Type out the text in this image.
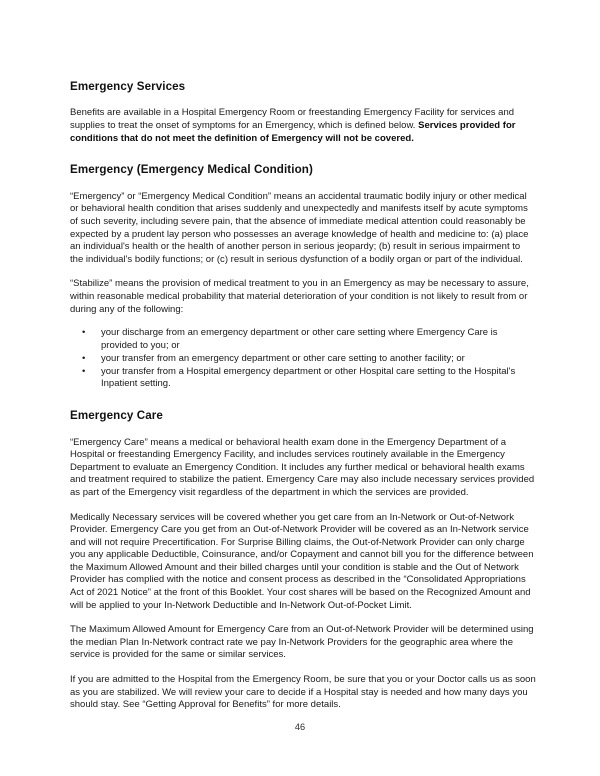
Emergency Services

Benefits are available in a Hospital Emergency Room or freestanding Emergency Facility for services and supplies to treat the onset of symptoms for an Emergency, which is defined below. Services provided for conditions that do not meet the definition of Emergency will not be covered.

Emergency (Emergency Medical Condition)

“Emergency” or “Emergency Medical Condition” means an accidental traumatic bodily injury or other medical or behavioral health condition that arises suddenly and unexpectedly and manifests itself by acute symptoms of such severity, including severe pain, that the absence of immediate medical attention could reasonably be expected by a prudent lay person who possesses an average knowledge of health and medicine to: (a) place an individual's health or the health of another person in serious jeopardy; (b) result in serious impairment to the individual's bodily functions; or (c) result in serious dysfunction of a bodily organ or part of the individual.

“Stabilize” means the provision of medical treatment to you in an Emergency as may be necessary to assure, within reasonable medical probability that material deterioration of your condition is not likely to result from or during any of the following:

• your discharge from an emergency department or other care setting where Emergency Care is provided to you; or
• your transfer from an emergency department or other care setting to another facility; or
• your transfer from a Hospital emergency department or other Hospital care setting to the Hospital's Inpatient setting.
Emergency Care

“Emergency Care” means a medical or behavioral health exam done in the Emergency Department of a Hospital or freestanding Emergency Facility, and includes services routinely available in the Emergency Department to evaluate an Emergency Condition. It includes any further medical or behavioral health exams and treatment required to stabilize the patient. Emergency Care may also include necessary services provided as part of the Emergency visit regardless of the department in which the services are provided.

Medically Necessary services will be covered whether you get care from an In-Network or Out-of-Network Provider. Emergency Care you get from an Out-of-Network Provider will be covered as an In-Network service and will not require Precertification. For Surprise Billing claims, the Out-of-Network Provider can only charge you any applicable Deductible, Coinsurance, and/or Copayment and cannot bill you for the difference between the Maximum Allowed Amount and their billed charges until your condition is stable and the Out of Network Provider has complied with the notice and consent process as described in the “Consolidated Appropriations Act of 2021 Notice” at the front of this Booklet. Your cost shares will be based on the Recognized Amount and will be applied to your In-Network Deductible and In-Network Out-of-Pocket Limit.

The Maximum Allowed Amount for Emergency Care from an Out-of-Network Provider will be determined using the median Plan In-Network contract rate we pay In-Network Providers for the geographic area where the service is provided for the same or similar services.

If you are admitted to the Hospital from the Emergency Room, be sure that you or your Doctor calls us as soon as you are stabilized. We will review your care to decide if a Hospital stay is needed and how many days you should stay. See “Getting Approval for Benefits” for more details.

46
